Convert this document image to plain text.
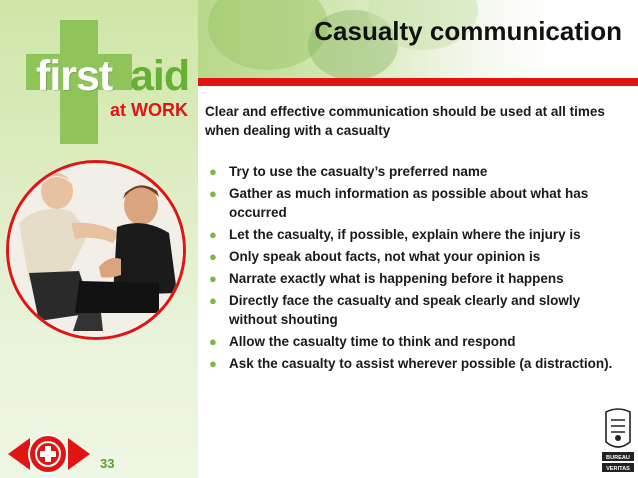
Casualty communication
first aid
at WORK Clear and effective communication should be used at all times when dealing with a casualty

● Try to use the casualty’s preferred name
● Gather as much information as possible about what has occurred
● Let the casualty, if possible, explain where the injury is
● Only speak about facts, not what your opinion is
● Narrate exactly what is happening before it happens
● Directly face the casualty and speak clearly and slowly without shouting
● Allow the casualty time to think and respond
● Ask the casualty to assist wherever possible (a distraction).
33	BUREAU
VERITAS
